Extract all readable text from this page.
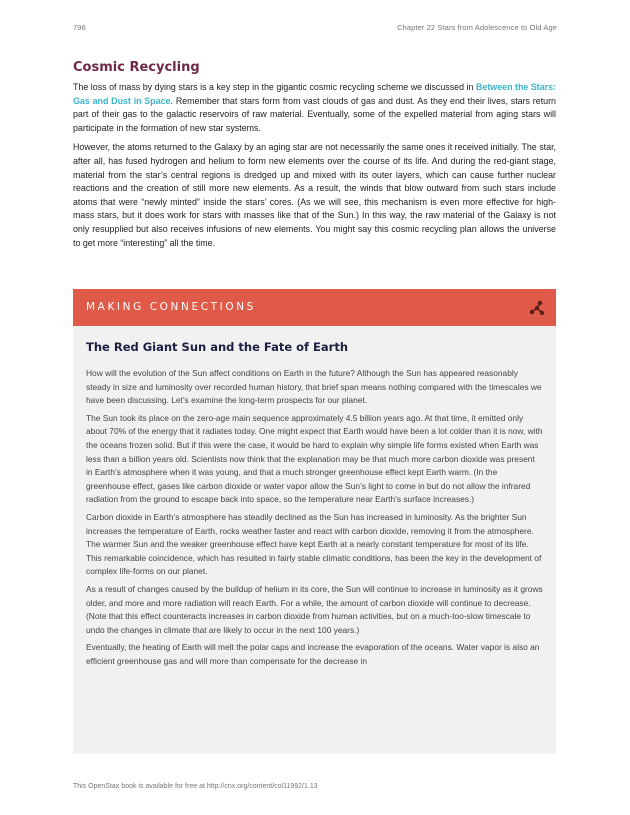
796	Chapter 22 Stars from Adolescence to Old Age
Cosmic Recycling

The loss of mass by dying stars is a key step in the gigantic cosmic recycling scheme we discussed in Between the Stars: Gas and Dust in Space. Remember that stars form from vast clouds of gas and dust. As they end their lives, stars return part of their gas to the galactic reservoirs of raw material. Eventually, some of the expelled material from aging stars will participate in the formation of new star systems.

However, the atoms returned to the Galaxy by an aging star are not necessarily the same ones it received initially. The star, after all, has fused hydrogen and helium to form new elements over the course of its life. And during the red-giant stage, material from the star’s central regions is dredged up and mixed with its outer layers, which can cause further nuclear reactions and the creation of still more new elements. As a result, the winds that blow outward from such stars include atoms that were “newly minted” inside the stars’ cores. (As we will see, this mechanism is even more effective for high-mass stars, but it does work for stars with masses like that of the Sun.) In this way, the raw material of the Galaxy is not only resupplied but also receives infusions of new elements. You might say this cosmic recycling plan allows the universe to get more “interesting” all the time.

MAKING CONNECTIONS
The Red Giant Sun and the Fate of Earth

How will the evolution of the Sun affect conditions on Earth in the future? Although the Sun has appeared reasonably steady in size and luminosity over recorded human history, that brief span means nothing compared with the timescales we have been discussing. Let’s examine the long-term prospects for our planet.

The Sun took its place on the zero-age main sequence approximately 4.5 billion years ago. At that time, it emitted only about 70% of the energy that it radiates today. One might expect that Earth would have been a lot colder than it is now, with the oceans frozen solid. But if this were the case, it would be hard to explain why simple life forms existed when Earth was less than a billion years old. Scientists now think that the explanation may be that much more carbon dioxide was present in Earth’s atmosphere when it was young, and that a much stronger greenhouse effect kept Earth warm. (In the greenhouse effect, gases like carbon dioxide or water vapor allow the Sun’s light to come in but do not allow the infrared radiation from the ground to escape back into space, so the temperature near Earth’s surface increases.)

Carbon dioxide in Earth’s atmosphere has steadily declined as the Sun has increased in luminosity. As the brighter Sun increases the temperature of Earth, rocks weather faster and react with carbon dioxide, removing it from the atmosphere. The warmer Sun and the weaker greenhouse effect have kept Earth at a nearly constant temperature for most of its life. This remarkable coincidence, which has resulted in fairly stable climatic conditions, has been the key in the development of complex life-forms on our planet.

As a result of changes caused by the buildup of helium in its core, the Sun will continue to increase in luminosity as it grows older, and more and more radiation will reach Earth. For a while, the amount of carbon dioxide will continue to decrease. (Note that this effect counteracts increases in carbon dioxide from human activities, but on a much-too-slow timescale to undo the changes in climate that are likely to occur in the next 100 years.)

Eventually, the heating of Earth will melt the polar caps and increase the evaporation of the oceans. Water vapor is also an efficient greenhouse gas and will more than compensate for the decrease in

This OpenStax book is available for free at http://cnx.org/content/col11992/1.13
